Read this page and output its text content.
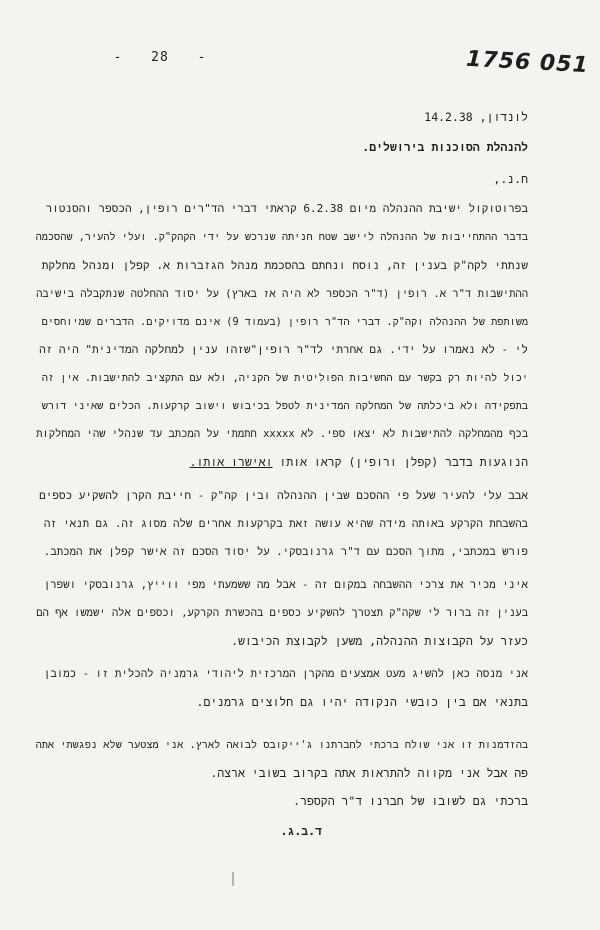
- 28 -	1756 051
לונדון, 14.2.38
להנהלת הסוכנות בירושלים.
ח.נ.,
בפרוטוקול ישיבת ההנהלה מיום 6.2.38 קראתי דברי הד"רים רופין, הכספר והסנטור
בדבר ההתחייבות של ההנהלה ליישב שטח חניתה שנרכש על ידי הקהק"ק. ועלי להעיר, שהסכמה
שנתתי לקה"ק בענין זה, נוסח ונחתם בהסכמת מנהל הגזברות א. קפלן ומנהל מחלקת
ההתישבות ד"ר א. רופין (ד"ר הכספר לא היה אז בארץ) על יסוד ההחלטה שנתקבלה בישיבה
משותפת של ההנהלה וקה"ק. דברי הד"ר רופין (בעמוד 9) אינם מדויקים. הדברים שמיוחסים
לי - לא נאמרו על ידי. גם אחרתי לד"ר רופין"שזהו ענין למחלקה המדינית" היה זה
יכול להיות רק בקשר עם החשיבות הפוליטית של הקניה, ולא עם התקציב להתישבות. אין זה
בתפקידה ולא ביכלתה של המחלקה המדינית לטפל בכיבוש וישוב קרקעות. הכלים שאיני דורש
בכף מהמחלקה להתישבות לא יצאו ספי. לא xxxxx חתמתי על המכתב עד שנהלי שהי המחלקות
הנוגעות בדבר (קפלן ורופין) קראו אותו ואישרו אותו.
אבב עלי להעיר שעל פי ההסכם שבין ההנהלה ובין קה"ק - חייבת הקרן להשקיע כספים
בהשבחת הקרקע באותה מידה שהיא עושה זאת בקרקעות אחרים שלה מסוג זה. גם תנאי זה
פורש במכתבי, מתוך הסכם עם ד"ר גרנובסקי. על יסוד הסכם זה אישר קפלן את המכתב.
איני מכיר את צרכי ההשבחה במקום זה - אבל מה ששמעתי מפי ווייץ, גרנובסקי ושפרן
בענין זה ברור לי שקה"ק תצטרך להשקיע כספים בהכשרת הקרקע, וכספים אלה ישמשו אף הם
כעזר על הקבוצות ההנהלה, משען לקבוצת הכיבוש.
אני מנסה כאן להשיג מעט אמצעים מהקרן המרכזית ליהודי גרמניה להכלית זו - כמובן
בתנאי אם בין כובשי הנקודה יהיו גם חלוצים גרמנים.
בהזדמנות זו אני שולח ברכתי לחברתנו ג'ייקובס לבואה לארץ. אני מצטער שלא נפגשתי אתה
פה אבל אני מקווה להתראות אתה בקרוב בשובי ארצה.
ברכתי גם לשובו של חברנו ד"ר הקספר.
ד.ב.ג.
